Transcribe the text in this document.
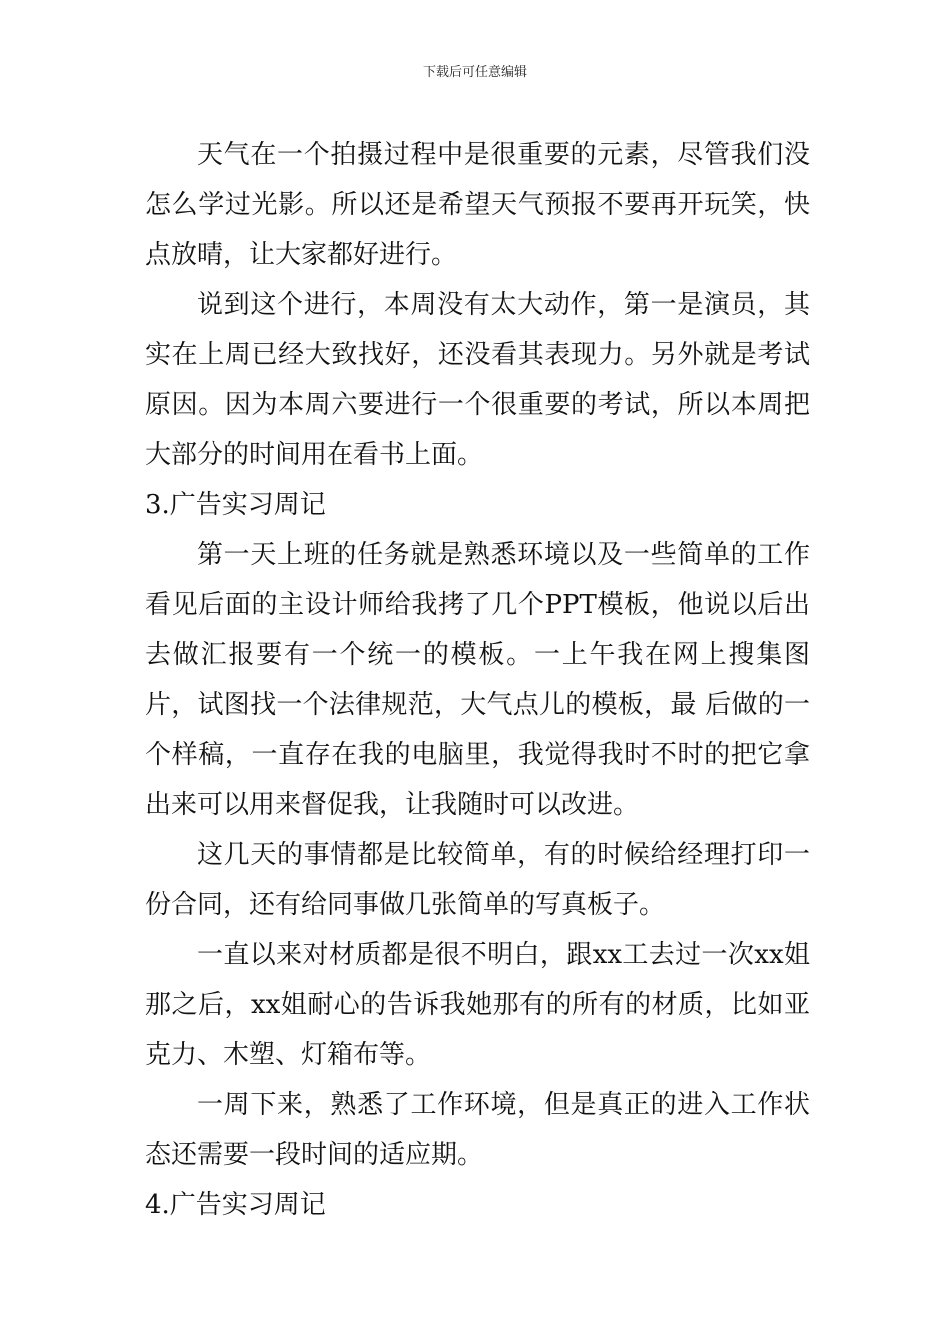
下载后可任意编辑

天气在一个拍摄过程中是很重要的元素，尽管我们没怎么学过光影。所以还是希望天气预报不要再开玩笑，快点放晴，让大家都好进行。

说到这个进行，本周没有太大动作，第一是演员，其实在上周已经大致找好，还没看其表现力。另外就是考试原因。因为本周六要进行一个很重要的考试，所以本周把大部分的时间用在看书上面。

3.广告实习周记

第一天上班的任务就是熟悉环境以及一些简单的工作看见后面的主设计师给我拷了几个PPT模板，他说以后出去做汇报要有一个统一的模板。一上午我在网上搜集图片，试图找一个法律规范，大气点儿的模板，最 后做的一个样稿，一直存在我的电脑里，我觉得我时不时的把它拿出来可以用来督促我，让我随时可以改进。

这几天的事情都是比较简单，有的时候给经理打印一份合同，还有给同事做几张简单的写真板子。

一直以来对材质都是很不明白，跟xx工去过一次xx姐那之后，xx姐耐心的告诉我她那有的所有的材质，比如亚克力、木塑、灯箱布等。

一周下来，熟悉了工作环境，但是真正的进入工作状态还需要一段时间的适应期。

4.广告实习周记
